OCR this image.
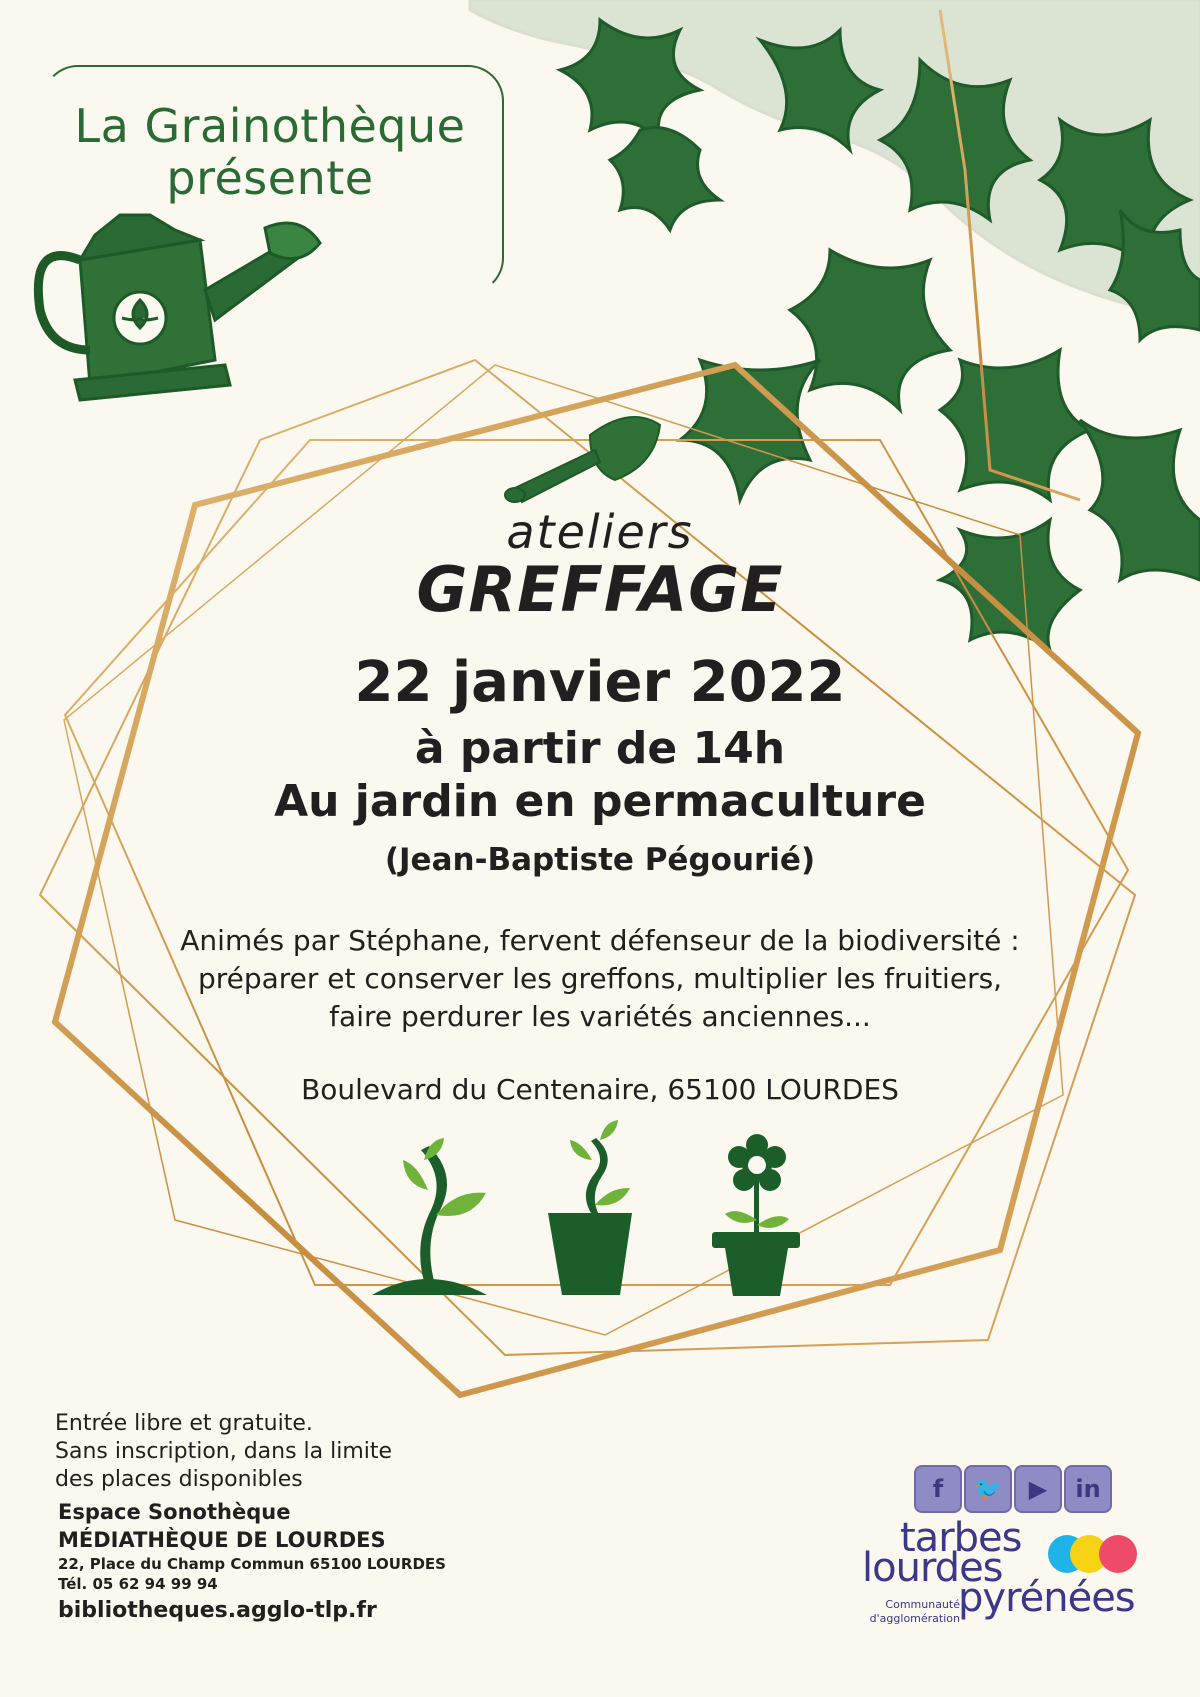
La Grainothèque
présente
ateliers
GREFFAGE
22 janvier 2022
à partir de 14h
Au jardin en permaculture
(Jean-Baptiste Pégourié)
Animés par Stéphane, fervent défenseur de la biodiversité :
préparer et conserver les greffons, multiplier les fruitiers,
faire perdurer les variétés anciennes...
Boulevard du Centenaire, 65100 LOURDES
Entrée libre et gratuite.
Sans inscription, dans la limite
des places disponibles
Espace Sonothèque
MÉDIATHÈQUE DE LOURDES
22, Place du Champ Commun 65100 LOURDES
Tél. 05 62 94 99 94
bibliotheques.agglo-tlp.fr
f	🐦	▶	in
tarbes
lourdes
pyrénées
Communauté
d'agglomération
